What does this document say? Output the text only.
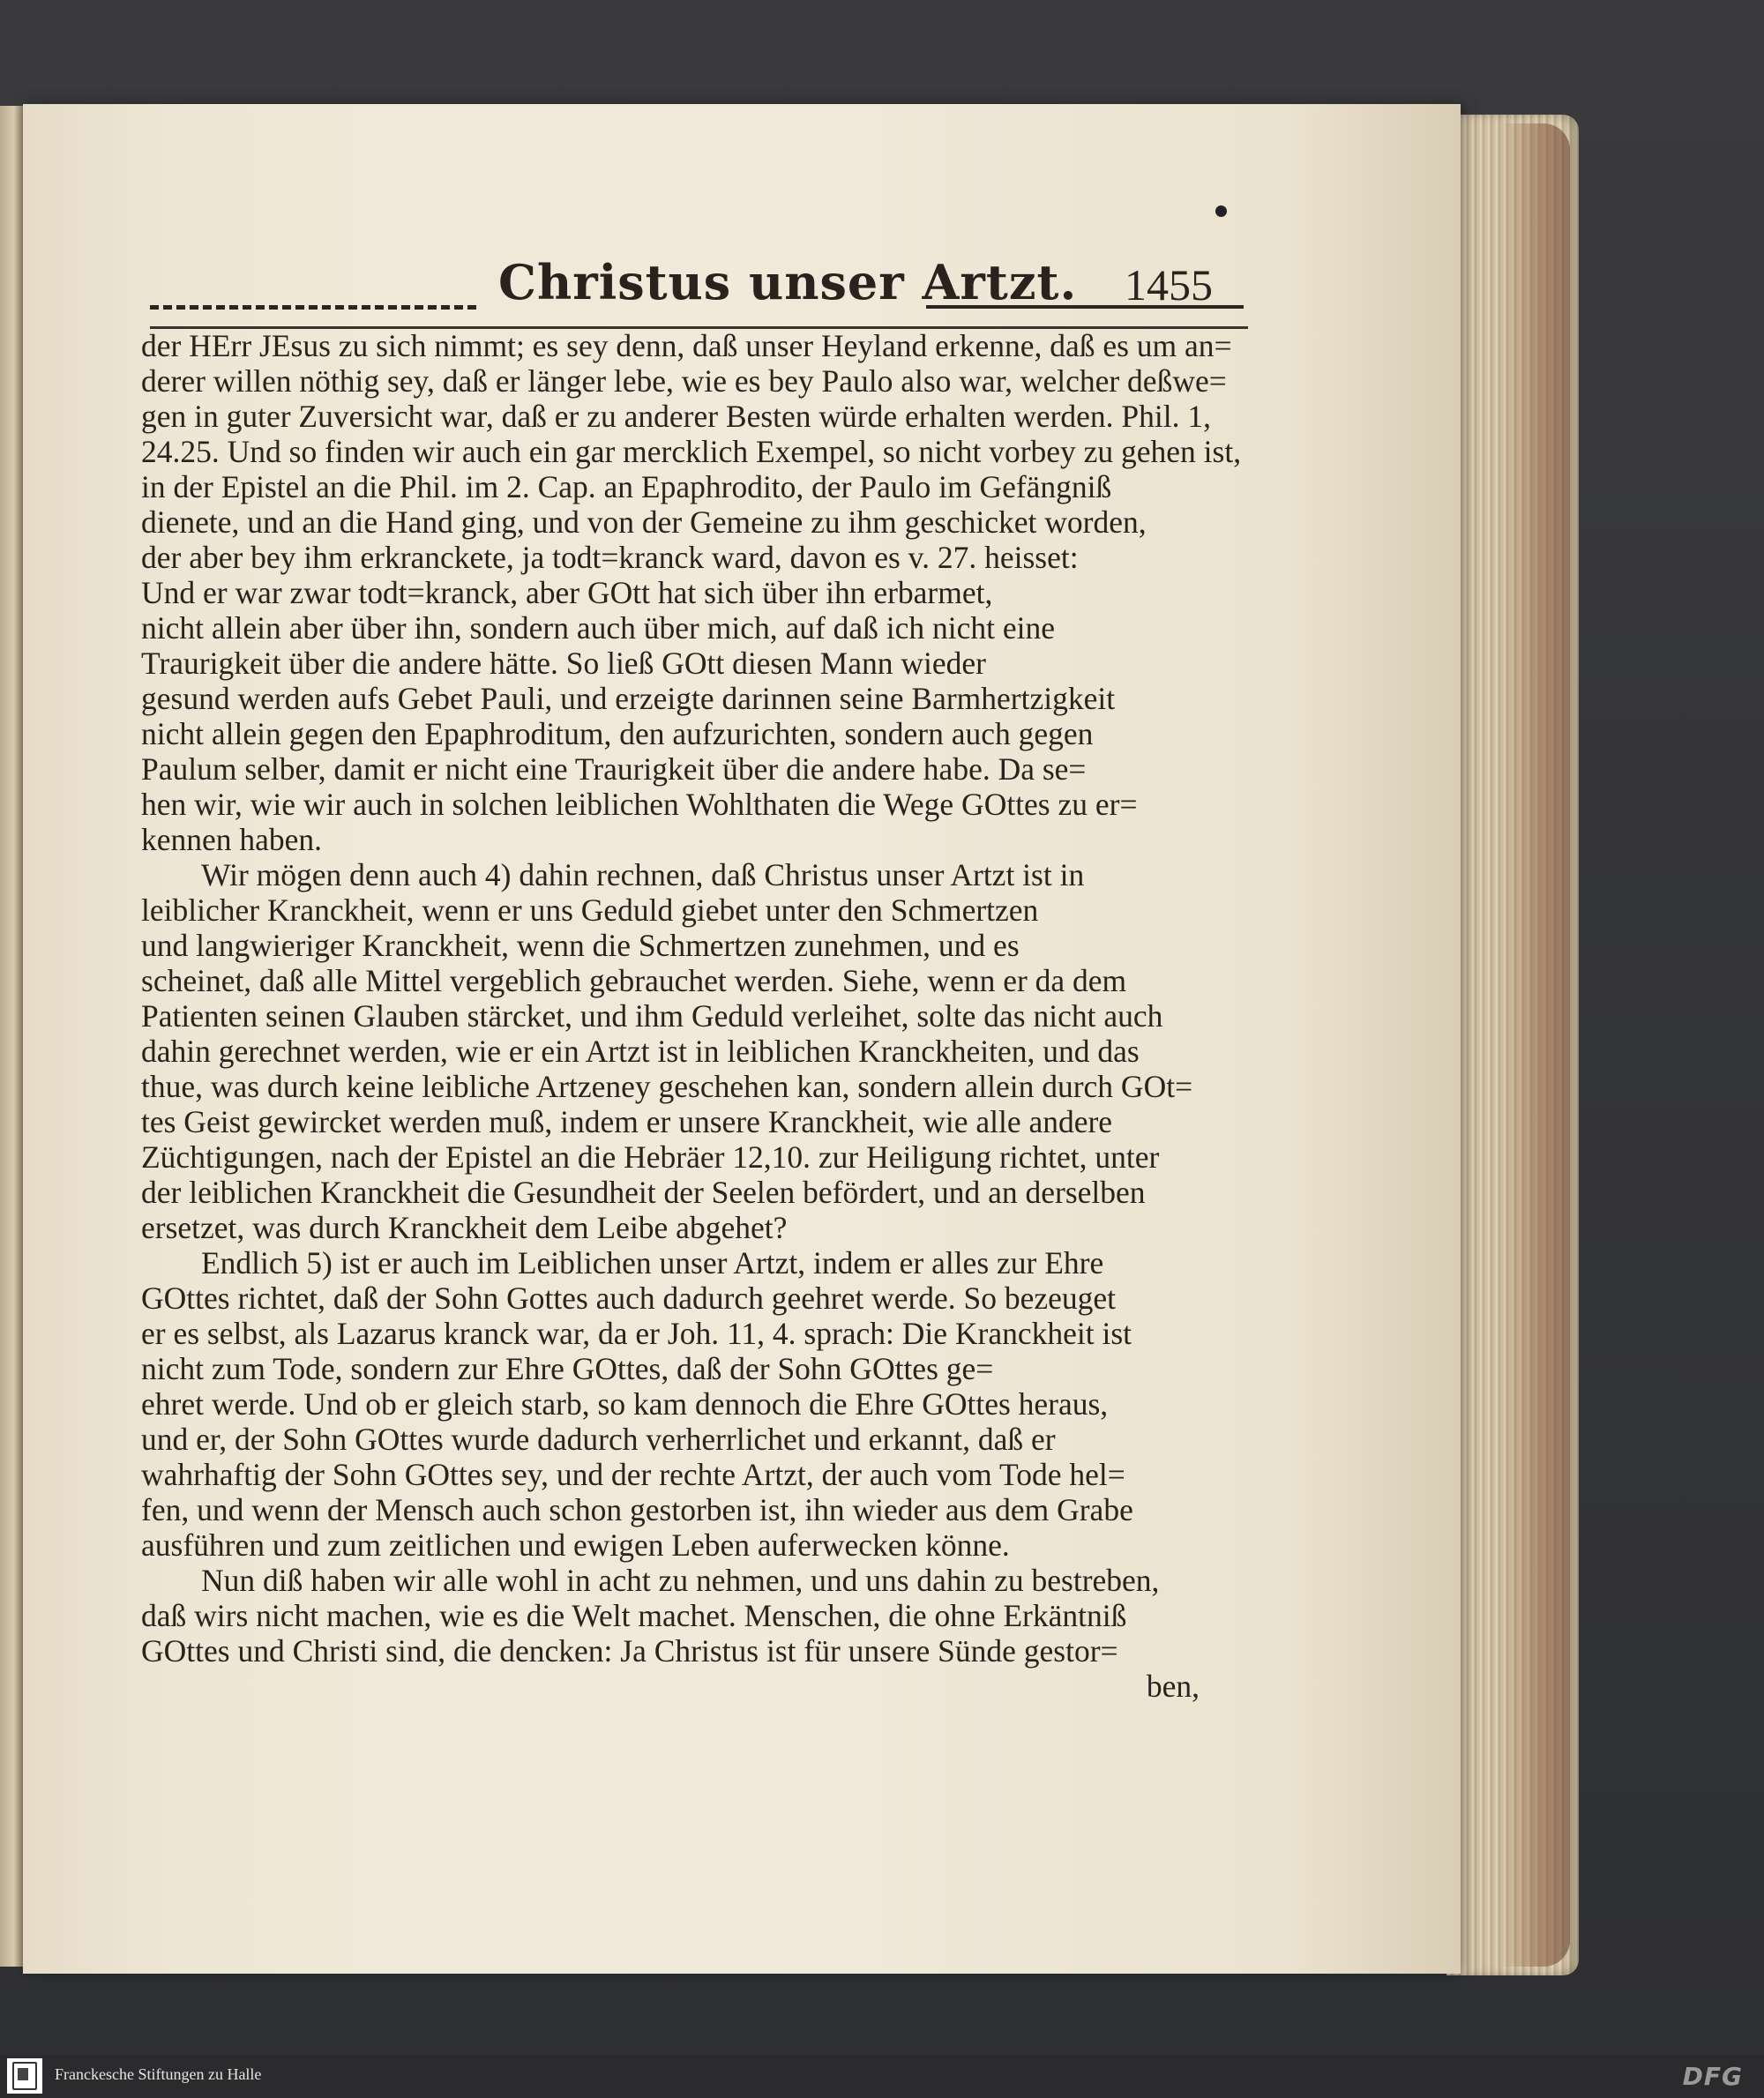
Christus unser Artzt. 1455
der HErr JEsus zu sich nimmt; es sey denn, daß unser Heyland erkenne, daß es um an=
derer willen nöthig sey, daß er länger lebe, wie es bey Paulo also war, welcher deßwe=
gen in guter Zuversicht war, daß er zu anderer Besten würde erhalten werden. Phil. 1,
24.25. Und so finden wir auch ein gar mercklich Exempel, so nicht vorbey zu gehen ist,
in der Epistel an die Phil. im 2. Cap. an Epaphrodito, der Paulo im Gefängniß
dienete, und an die Hand ging, und von der Gemeine zu ihm geschicket worden,
der aber bey ihm erkranckete, ja todt=kranck ward, davon es v. 27. heisset:
Und er war zwar todt=kranck, aber GOtt hat sich über ihn erbarmet,
nicht allein aber über ihn, sondern auch über mich, auf daß ich nicht eine
Traurigkeit über die andere hätte. So ließ GOtt diesen Mann wieder
gesund werden aufs Gebet Pauli, und erzeigte darinnen seine Barmhertzigkeit
nicht allein gegen den Epaphroditum, den aufzurichten, sondern auch gegen
Paulum selber, damit er nicht eine Traurigkeit über die andere habe. Da se=
hen wir, wie wir auch in solchen leiblichen Wohlthaten die Wege GOttes zu er=
kennen haben.
Wir mögen denn auch 4) dahin rechnen, daß Christus unser Artzt ist in
leiblicher Kranckheit, wenn er uns Geduld giebet unter den Schmertzen
und langwieriger Kranckheit, wenn die Schmertzen zunehmen, und es
scheinet, daß alle Mittel vergeblich gebrauchet werden. Siehe, wenn er da dem
Patienten seinen Glauben stärcket, und ihm Geduld verleihet, solte das nicht auch
dahin gerechnet werden, wie er ein Artzt ist in leiblichen Kranckheiten, und das
thue, was durch keine leibliche Artzeney geschehen kan, sondern allein durch GOt=
tes Geist gewircket werden muß, indem er unsere Kranckheit, wie alle andere
Züchtigungen, nach der Epistel an die Hebräer 12,10. zur Heiligung richtet, unter
der leiblichen Kranckheit die Gesundheit der Seelen befördert, und an derselben
ersetzet, was durch Kranckheit dem Leibe abgehet?
Endlich 5) ist er auch im Leiblichen unser Artzt, indem er alles zur Ehre
GOttes richtet, daß der Sohn Gottes auch dadurch geehret werde. So bezeuget
er es selbst, als Lazarus kranck war, da er Joh. 11, 4. sprach: Die Kranckheit ist
nicht zum Tode, sondern zur Ehre GOttes, daß der Sohn GOttes ge=
ehret werde. Und ob er gleich starb, so kam dennoch die Ehre GOttes heraus,
und er, der Sohn GOttes wurde dadurch verherrlichet und erkannt, daß er
wahrhaftig der Sohn GOttes sey, und der rechte Artzt, der auch vom Tode hel=
fen, und wenn der Mensch auch schon gestorben ist, ihn wieder aus dem Grabe
ausführen und zum zeitlichen und ewigen Leben auferwecken könne.
Nun diß haben wir alle wohl in acht zu nehmen, und uns dahin zu bestreben,
daß wirs nicht machen, wie es die Welt machet. Menschen, die ohne Erkäntniß
GOttes und Christi sind, die dencken: Ja Christus ist für unsere Sünde gestor=
ben,
Franckesche Stiftungen zu Halle	DFG
